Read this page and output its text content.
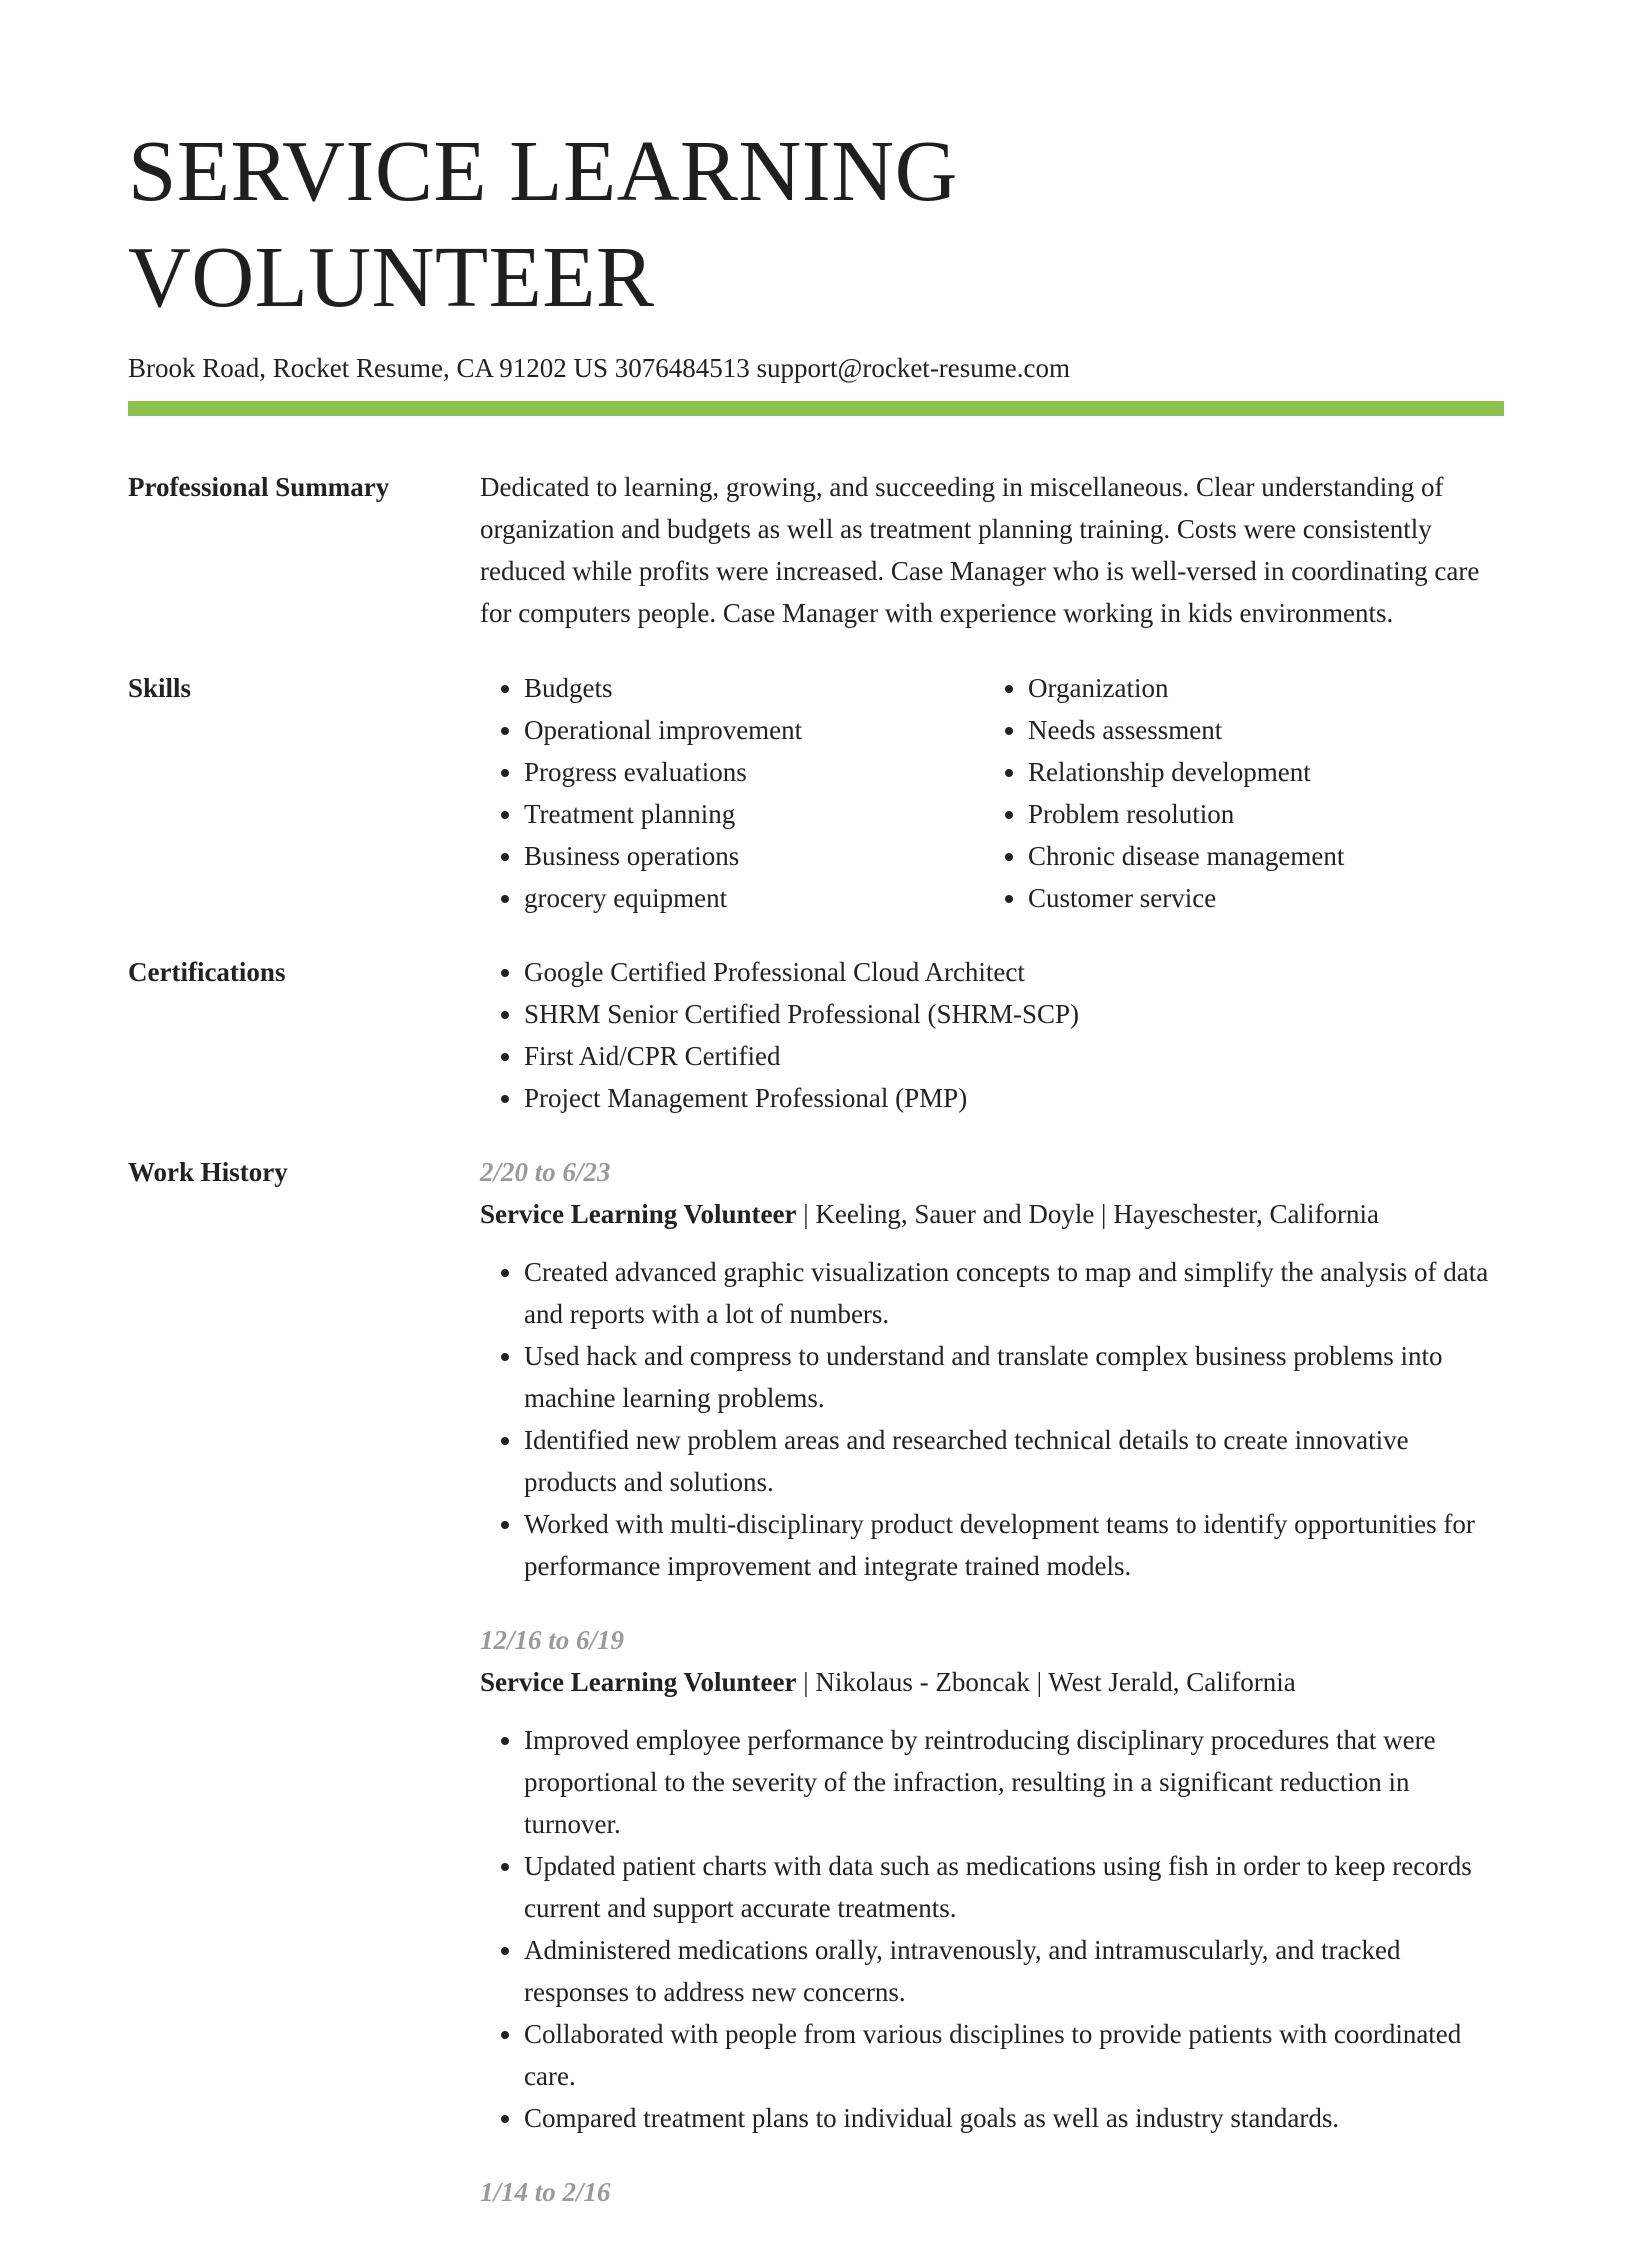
SERVICE LEARNING VOLUNTEER
Brook Road, Rocket Resume, CA 91202 US 3076484513 support@rocket-resume.com
Professional Summary	Dedicated to learning, growing, and succeeding in miscellaneous. Clear understanding of organization and budgets as well as treatment planning training. Costs were consistently reduced while profits were increased. Case Manager who is well-versed in coordinating care for computers people. Case Manager with experience working in kids environments.

Skills	• Budgets
• Operational improvement
• Progress evaluations
• Treatment planning
• Business operations
• grocery equipment
• Organization
• Needs assessment
• Relationship development
• Problem resolution
• Chronic disease management
• Customer service
Certifications	• Google Certified Professional Cloud Architect
• SHRM Senior Certified Professional (SHRM-SCP)
• First Aid/CPR Certified
• Project Management Professional (PMP)
Work History	2/20 to 6/23
Service Learning Volunteer | Keeling, Sauer and Doyle | Hayeschester, California
• Created advanced graphic visualization concepts to map and simplify the analysis of data and reports with a lot of numbers.
• Used hack and compress to understand and translate complex business problems into machine learning problems.
• Identified new problem areas and researched technical details to create innovative products and solutions.
• Worked with multi-disciplinary product development teams to identify opportunities for performance improvement and integrate trained models.
12/16 to 6/19
Service Learning Volunteer | Nikolaus - Zboncak | West Jerald, California
• Improved employee performance by reintroducing disciplinary procedures that were proportional to the severity of the infraction, resulting in a significant reduction in turnover.
• Updated patient charts with data such as medications using fish in order to keep records current and support accurate treatments.
• Administered medications orally, intravenously, and intramuscularly, and tracked responses to address new concerns.
• Collaborated with people from various disciplines to provide patients with coordinated care.
• Compared treatment plans to individual goals as well as industry standards.
1/14 to 2/16
